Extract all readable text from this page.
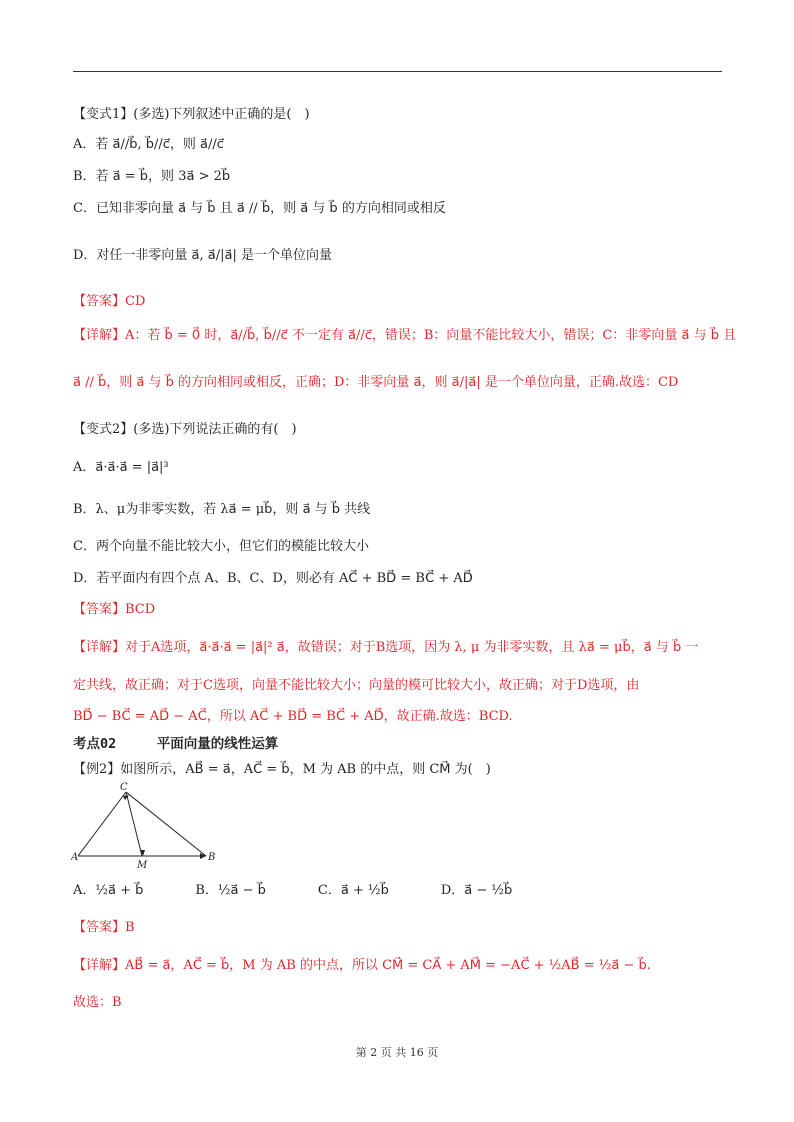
【变式1】(多选)下列叙述中正确的是(　)
A．若 a⃗//b⃗, b⃗//c⃗，则 a⃗//c⃗
B．若 a⃗ = b⃗，则 3a⃗ > 2b⃗
C．已知非零向量 a⃗ 与 b⃗ 且 a⃗ // b⃗，则 a⃗ 与 b⃗ 的方向相同或相反
D．对任一非零向量 a⃗, a⃗/|a⃗| 是一个单位向量
【答案】CD
【详解】A：若 b⃗ = 0⃗ 时，a⃗//b⃗, b⃗//c⃗ 不一定有 a⃗//c⃗，错误；B：向量不能比较大小，错误；C：非零向量 a⃗ 与 b⃗ 且
a⃗ // b⃗，则 a⃗ 与 b⃗ 的方向相同或相反，正确；D：非零向量 a⃗，则 a⃗/|a⃗| 是一个单位向量，正确.故选：CD
【变式2】(多选)下列说法正确的有(　)
A．a⃗·a⃗·a⃗ = |a⃗|³
B．λ、μ为非零实数，若 λa⃗ = μb⃗，则 a⃗ 与 b⃗ 共线
C．两个向量不能比较大小，但它们的模能比较大小
D．若平面内有四个点 A、B、C、D，则必有 AC⃗ + BD⃗ = BC⃗ + AD⃗
【答案】BCD
【详解】对于A选项，a⃗·a⃗·a⃗ = |a⃗|² a⃗，故错误；对于B选项，因为 λ, μ 为非零实数，且 λa⃗ = μb⃗，a⃗ 与 b⃗ 一
定共线，故正确；对于C选项，向量不能比较大小；向量的模可比较大小，故正确；对于D选项，由
BD⃗ − BC⃗ = AD⃗ − AC⃗，所以 AC⃗ + BD⃗ = BC⃗ + AD⃗，故正确.故选：BCD.
考点02　　　平面向量的线性运算
【例2】如图所示，AB⃗ = a⃗，AC⃗ = b⃗，M 为 AB 的中点，则 CM⃗ 为(　)
A．½a⃗ + b⃗　　　　B．½a⃗ − b⃗　　　　C．a⃗ + ½b⃗　　　　D．a⃗ − ½b⃗
【答案】B
【详解】AB⃗ = a⃗，AC⃗ = b⃗，M 为 AB 的中点，所以 CM⃗ = CA⃗ + AM⃗ = −AC⃗ + ½AB⃗ = ½a⃗ − b⃗.
故选：B
A	B
C
M
第 2 页 共 16 页
